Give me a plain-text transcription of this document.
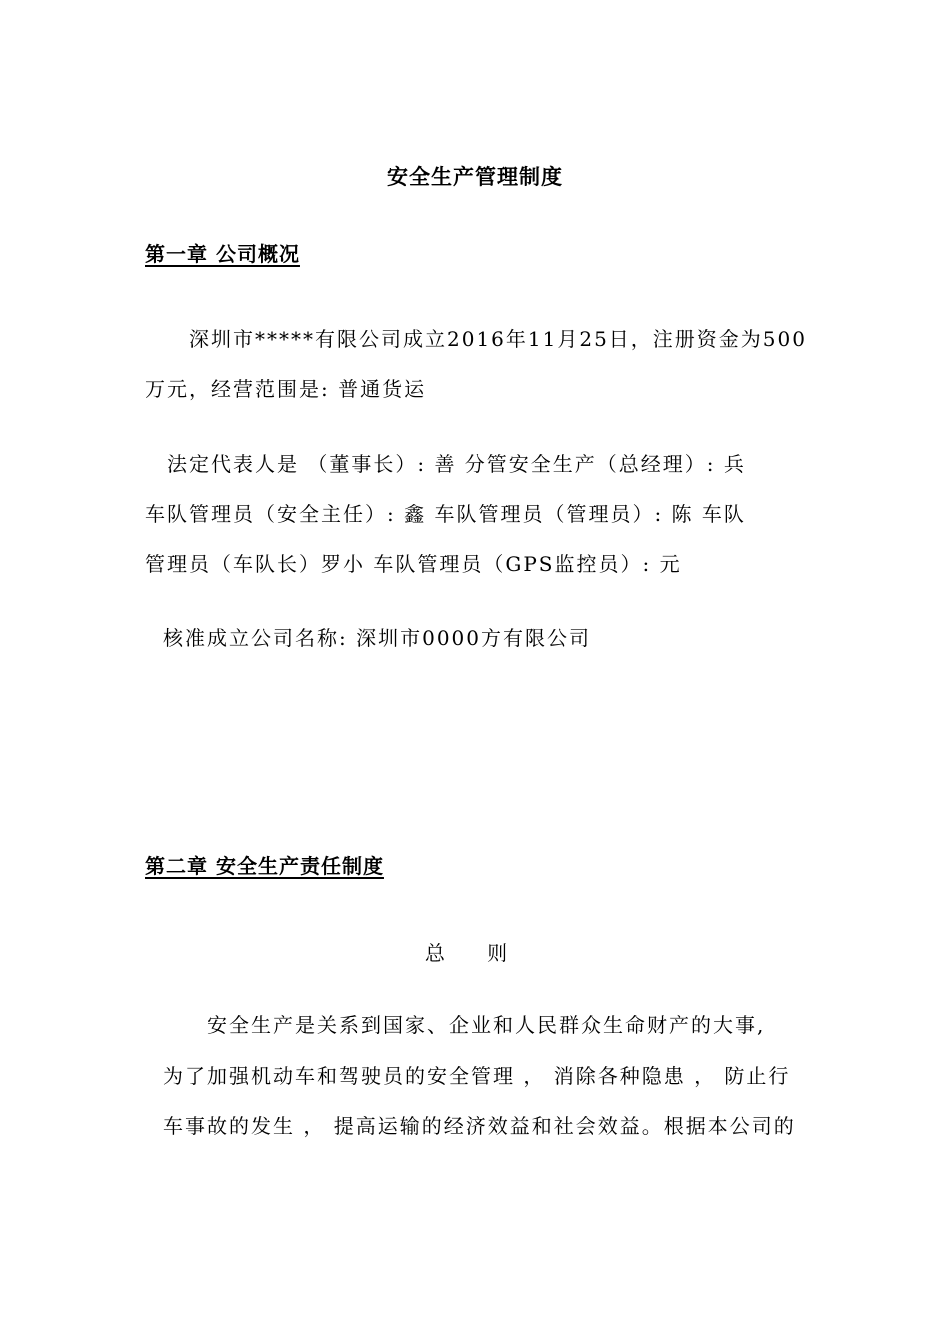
安全生产管理制度
第一章 公司概况
深圳市*****有限公司成立2016年11月25日，注册资金为500
万元，经营范围是: 普通货运
法定代表人是 （董事长）: 善 分管安全生产（总经理）: 兵
车队管理员（安全主任）: 鑫 车队管理员（管理员）: 陈 车队
管理员（车队长）罗小 车队管理员（GPS监控员）: 元
核准成立公司名称: 深圳市0000方有限公司
第二章 安全生产责任制度
总 则
安全生产是关系到国家、企业和人民群众生命财产的大事,
为了加强机动车和驾驶员的安全管理 ， 消除各种隐患 ， 防止行
车事故的发生 ， 提高运输的经济效益和社会效益。根据本公司的
